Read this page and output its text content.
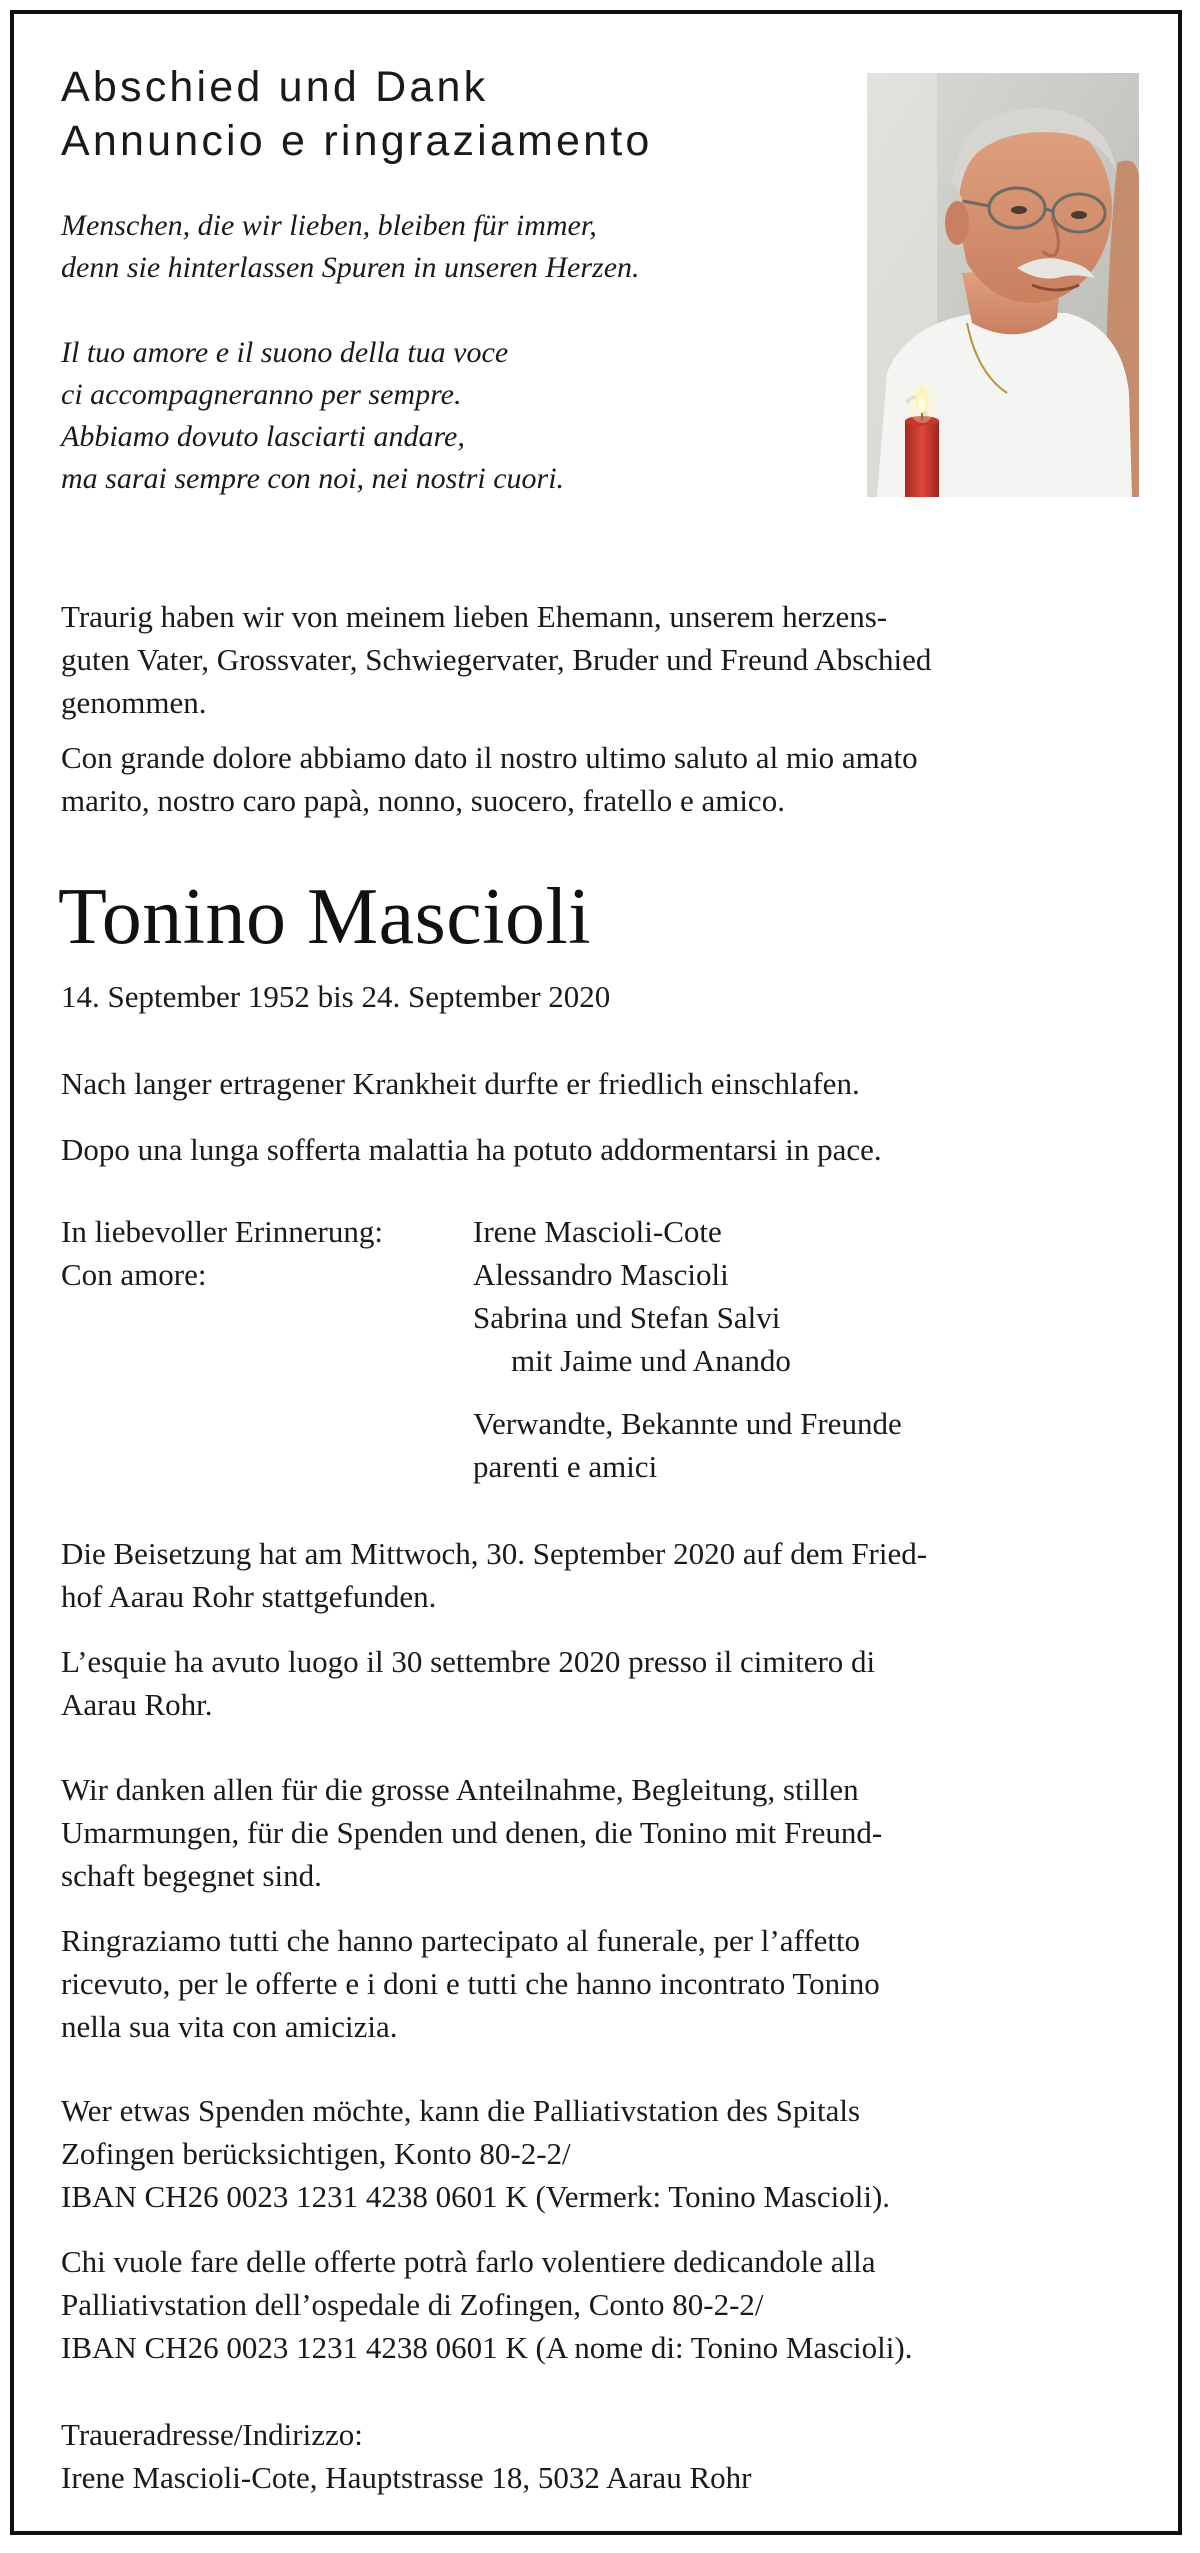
Abschied und Dank
Annuncio e ringraziamento

Menschen, die wir lieben, bleiben für immer,
denn sie hinterlassen Spuren in unseren Herzen.

Il tuo amore e il suono della tua voce
ci accompagneranno per sempre.
Abbiamo dovuto lasciarti andare,
ma sarai sempre con noi, nei nostri cuori.

Traurig haben wir von meinem lieben Ehemann, unserem herzens-
guten Vater, Grossvater, Schwiegervater, Bruder und Freund Abschied
genommen.

Con grande dolore abbiamo dato il nostro ultimo saluto al mio amato
marito, nostro caro papà, nonno, suocero, fratello e amico.

Tonino Mascioli

14. September 1952 bis 24. September 2020

Nach langer ertragener Krankheit durfte er friedlich einschlafen.

Dopo una lunga sofferta malattia ha potuto addormentarsi in pace.

In liebevoller Erinnerung:
Con amore:
Irene Mascioli-Cote
Alessandro Mascioli
Sabrina und Stefan Salvi
mit Jaime und Anando
Verwandte, Bekannte und Freunde
parenti e amici

Die Beisetzung hat am Mittwoch, 30. September 2020 auf dem Fried-
hof Aarau Rohr stattgefunden.

L’esquie ha avuto luogo il 30 settembre 2020 presso il cimitero di
Aarau Rohr.

Wir danken allen für die grosse Anteilnahme, Begleitung, stillen
Umarmungen, für die Spenden und denen, die Tonino mit Freund-
schaft begegnet sind.

Ringraziamo tutti che hanno partecipato al funerale, per l’affetto
ricevuto, per le offerte e i doni e tutti che hanno incontrato Tonino
nella sua vita con amicizia.

Wer etwas Spenden möchte, kann die Palliativstation des Spitals
Zofingen berücksichtigen, Konto 80-2-2/
IBAN CH26 0023 1231 4238 0601 K (Vermerk: Tonino Mascioli).

Chi vuole fare delle offerte potrà farlo volentiere dedicandole alla
Palliativstation dell’ospedale di Zofingen, Conto 80-2-2/
IBAN CH26 0023 1231 4238 0601 K (A nome di: Tonino Mascioli).

Traueradresse/Indirizzo:

Irene Mascioli-Cote, Hauptstrasse 18, 5032 Aarau Rohr
